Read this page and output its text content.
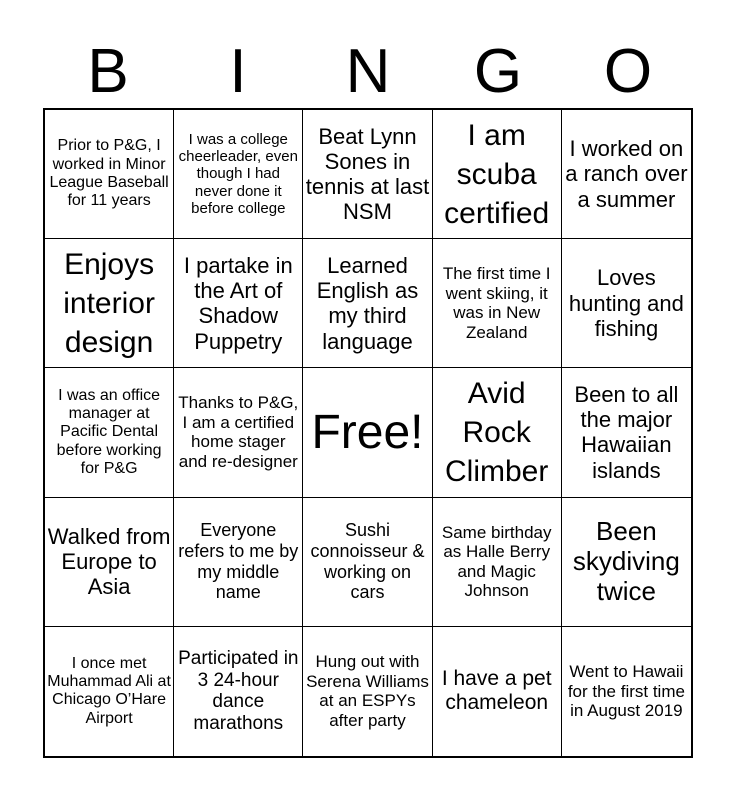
B	I	N	G	O
Prior to P&G, I worked in Minor League Baseball for 11 years
I was a college cheerleader, even though I had never done it before college
Beat Lynn Sones in tennis at last NSM
I am scuba certified
I worked on a ranch over a summer
Enjoys interior design
I partake in the Art of Shadow Puppetry
Learned English as my third language
The first time I went skiing, it was in New Zealand
Loves hunting and fishing
I was an office manager at Pacific Dental before working for P&G
Thanks to P&G, I am a certified home stager and re-designer
Free!
Avid Rock Climber
Been to all the major Hawaiian islands
Walked from Europe to Asia
Everyone refers to me by my middle name
Sushi connoisseur & working on cars
Same birthday as Halle Berry and Magic Johnson
Been skydiving twice
I once met Muhammad Ali at Chicago O’Hare Airport
Participated in 3 24-hour dance marathons
Hung out with Serena Williams at an ESPYs after party
I have a pet chameleon
Went to Hawaii for the first time in August 2019
